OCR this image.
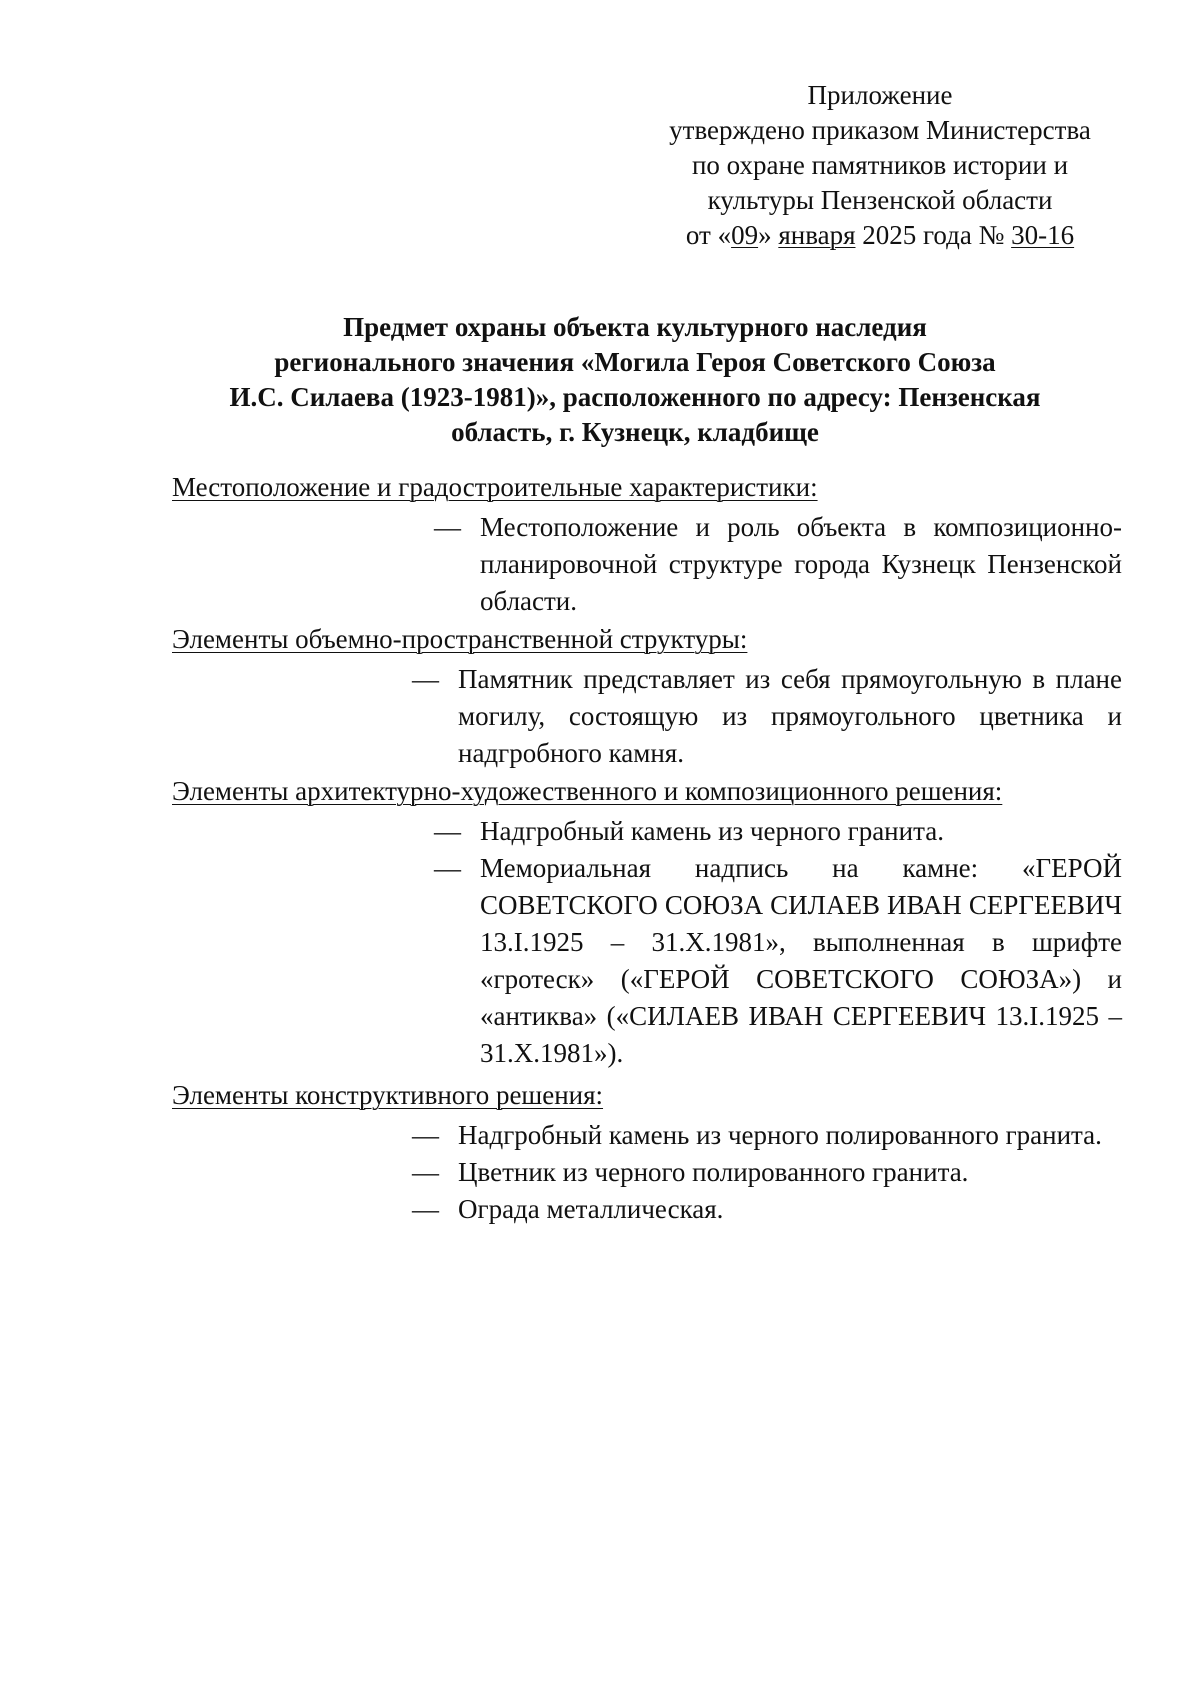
Приложение
утверждено приказом Министерства
по охране памятников истории и
культуры Пензенской области
от «09» января 2025 года № 30-16
Предмет охраны объекта культурного наследия
регионального значения «Могила Героя Советского Союза
И.С. Силаева (1923-1981)», расположенного по адресу: Пензенская
область, г. Кузнецк, кладбище
Местоположение и градостроительные характеристики:
— Местоположение и роль объекта в композиционно-планировочной структуре города Кузнецк Пензенской области.
Элементы объемно-пространственной структуры:
— Памятник представляет из себя прямоугольную в плане могилу, состоящую из прямоугольного цветника и надгробного камня.
Элементы архитектурно-художественного и композиционного решения:
— Надгробный камень из черного гранита.
— Мемориальная надпись на камне: «ГЕРОЙ СОВЕТСКОГО СОЮЗА СИЛАЕВ ИВАН СЕРГЕЕВИЧ 13.I.1925 – 31.X.1981», выполненная в шрифте «гротеск» («ГЕРОЙ СОВЕТСКОГО СОЮЗА») и «антиква» («СИЛАЕВ ИВАН СЕРГЕЕВИЧ 13.I.1925 – 31.X.1981»).
Элементы конструктивного решения:
— Надгробный камень из черного полированного гранита.
— Цветник из черного полированного гранита.
— Ограда металлическая.
